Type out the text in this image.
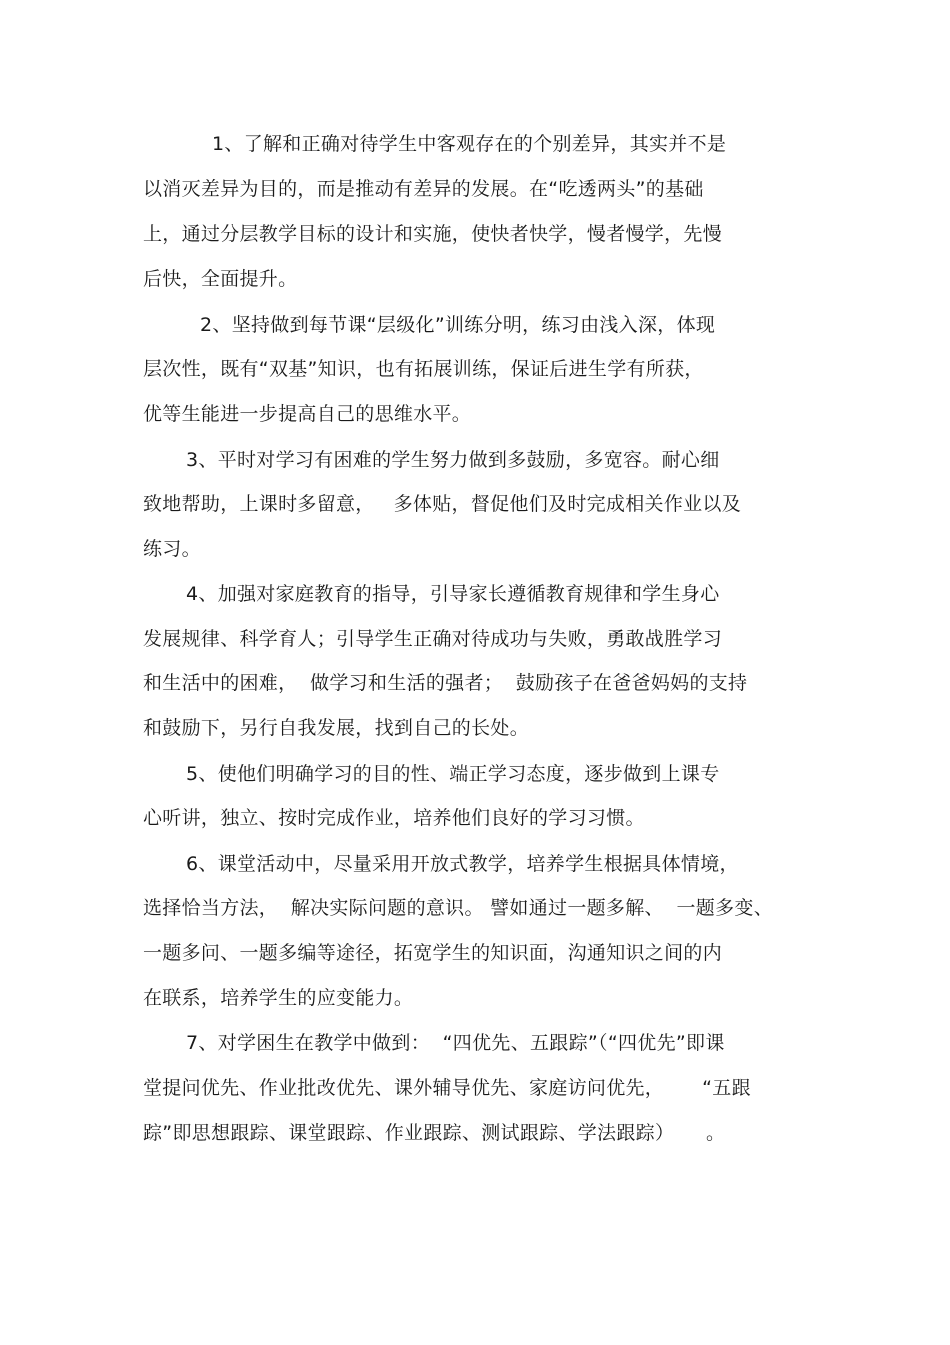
1、了解和正确对待学生中客观存在的个别差异，其实并不是
以消灭差异为目的，而是推动有差异的发展。在“吃透两头”的基础
上，通过分层教学目标的设计和实施，使快者快学，慢者慢学，先慢
后快，全面提升。
2、坚持做到每节课“层级化”训练分明，练习由浅入深，体现
层次性，既有“双基”知识，也有拓展训练，保证后进生学有所获，
优等生能进一步提高自己的思维水平。
3、平时对学习有困难的学生努力做到多鼓励，多宽容。耐心细
致地帮助，上课时多留意，   多体贴，督促他们及时完成相关作业以及
练习。
4、加强对家庭教育的指导，引导家长遵循教育规律和学生身心
发展规律、科学育人；引导学生正确对待成功与失败，勇敢战胜学习
和生活中的困难，  做学习和生活的强者；  鼓励孩子在爸爸妈妈的支持
和鼓励下，另行自我发展，找到自己的长处。
5、使他们明确学习的目的性、端正学习态度，逐步做到上课专
心听讲，独立、按时完成作业，培养他们良好的学习习惯。
6、课堂活动中，尽量采用开放式教学，培养学生根据具体情境，
选择恰当方法，  解决实际问题的意识。 譬如通过一题多解、  一题多变、
一题多问、一题多编等途径，拓宽学生的知识面，沟通知识之间的内
在联系，培养学生的应变能力。
7、对学困生在教学中做到：  “四优先、五跟踪”（“四优先”即课
堂提问优先、作业批改优先、课外辅导优先、家庭访问优先，      “五跟
踪”即思想跟踪、课堂跟踪、作业跟踪、测试跟踪、学法跟踪）     。
